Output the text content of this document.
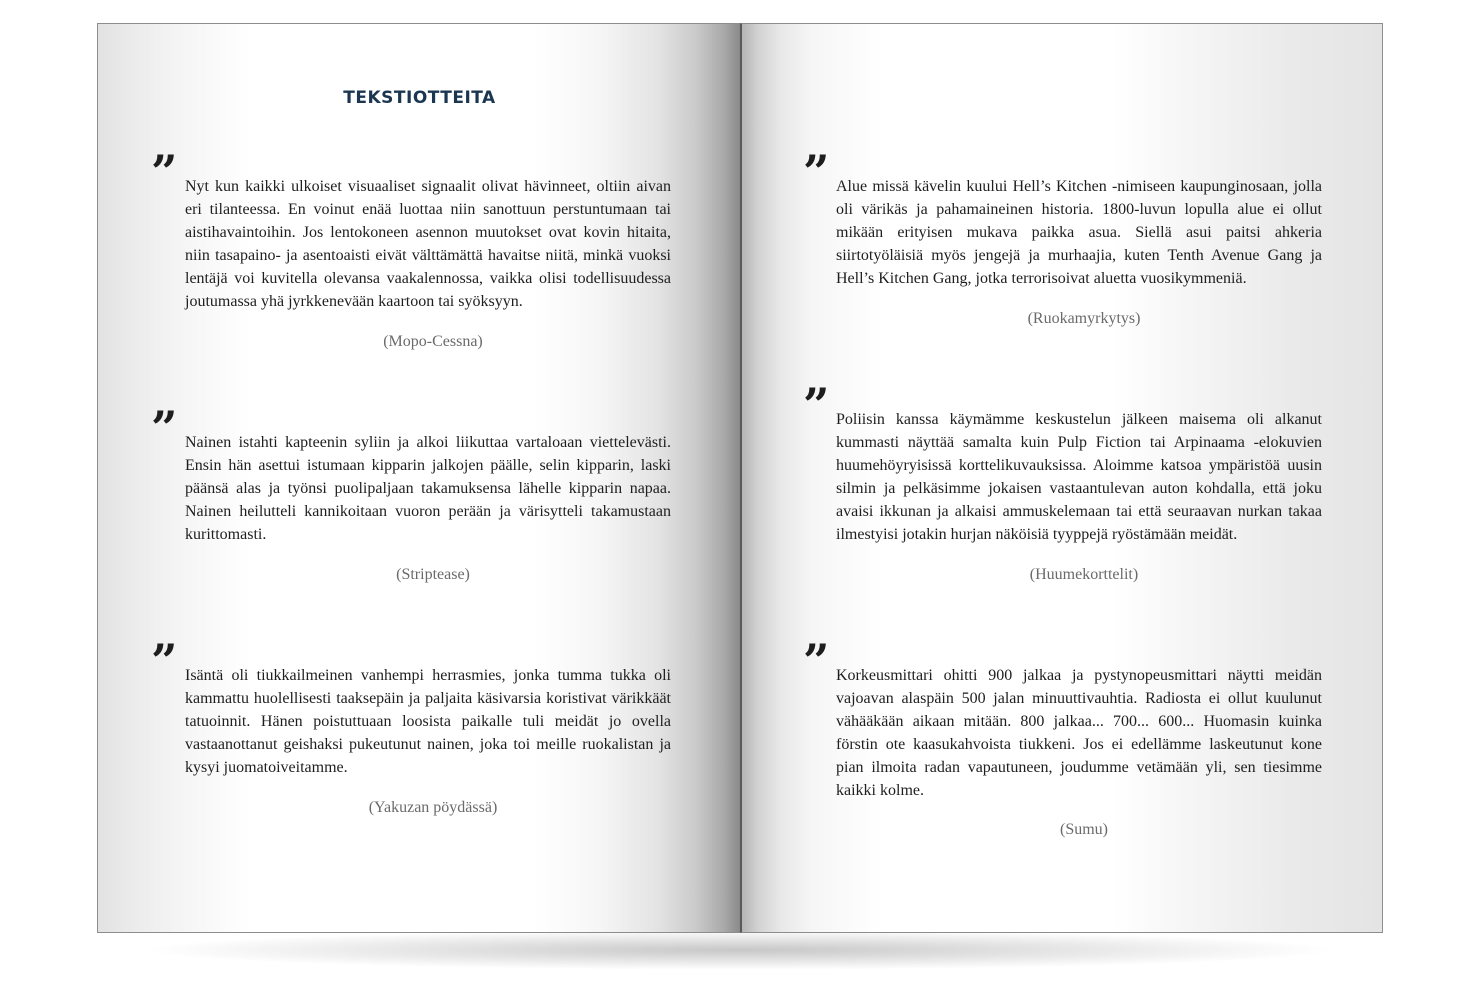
TEKSTIOTTEITA
” Nyt kun kaikki ulkoiset visuaaliset signaalit olivat hävinneet, oltiin aivan eri tilanteessa. En voinut enää luottaa niin sanottuun perstuntumaan tai aistihavaintoihin. Jos lentokoneen asennon muutokset ovat kovin hitaita, niin tasapaino- ja asentoaisti eivät välttämättä havaitse niitä, minkä vuoksi lentäjä voi kuvitella olevansa vaakalennossa, vaikka olisi todellisuudessa joutumassa yhä jyrkkenevään kaartoon tai syöksyyn.

(Mopo-Cessna)
” Nainen istahti kapteenin syliin ja alkoi liikuttaa vartaloaan viettelevästi. Ensin hän asettui istumaan kipparin jalkojen päälle, selin kipparin, laski päänsä alas ja työnsi puolipaljaan takamuksensa lähelle kipparin napaa. Nainen heilutteli kannikoitaan vuoron perään ja värisytteli takamustaan kurittomasti.

(Striptease)
” Isäntä oli tiukkailmeinen vanhempi herrasmies, jonka tumma tukka oli kammattu huolellisesti taaksepäin ja paljaita käsivarsia koristivat värikkäät tatuoinnit. Hänen poistuttuaan loosista paikalle tuli meidät jo ovella vastaanottanut geishaksi pukeutunut nainen, joka toi meille ruokalistan ja kysyi juomatoiveitamme.

(Yakuzan pöydässä)
” Alue missä kävelin kuului Hell’s Kitchen -nimiseen kaupunginosaan, jolla oli värikäs ja pahamaineinen historia. 1800-luvun lopulla alue ei ollut mikään erityisen mukava paikka asua. Siellä asui paitsi ahkeria siirtotyöläisiä myös jengejä ja murhaajia, kuten Tenth Avenue Gang ja Hell’s Kitchen Gang, jotka terrorisoivat aluetta vuosikymmeniä.

(Ruokamyrkytys)
” Poliisin kanssa käymämme keskustelun jälkeen maisema oli alkanut kummasti näyttää samalta kuin Pulp Fiction tai Arpinaama -elokuvien huumehöyryisissä korttelikuvauksissa. Aloimme katsoa ympäristöä uusin silmin ja pelkäsimme jokaisen vastaantulevan auton kohdalla, että joku avaisi ikkunan ja alkaisi ammuskelemaan tai että seuraavan nurkan takaa ilmestyisi jotakin hurjan näköisiä tyyppejä ryöstämään meidät.

(Huumekorttelit)
” Korkeusmittari ohitti 900 jalkaa ja pystynopeusmittari näytti meidän vajoavan alaspäin 500 jalan minuuttivauhtia. Radiosta ei ollut kuulunut vähääkään aikaan mitään. 800 jalkaa... 700... 600... Huomasin kuinka förstin ote kaasukahvoista tiukkeni. Jos ei edellämme laskeutunut kone pian ilmoita radan vapautuneen, joudumme vetämään yli, sen tiesimme kaikki kolme.

(Sumu)
